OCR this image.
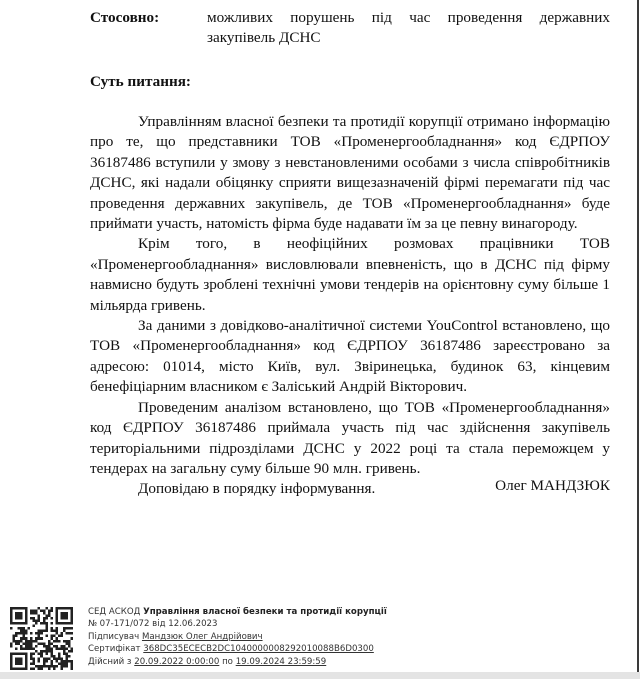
Стосовно:	можливих порушень під час проведення державних
закупівель ДСНС
Суть питання:

Управлінням власної безпеки та протидії корупції отримано інформацію про те, що представники ТОВ «Променергообладнання» код ЄДРПОУ 36187486 вступили у змову з невстановленими особами з числа співробітників ДСНС, які надали обіцянку сприяти вищезазначеній фірмі перемагати під час проведення державних закупівель, де ТОВ «Променергообладнання» буде приймати участь, натомість фірма буде надавати їм за це певну винагороду.

Крім того, в неофіційних розмовах працівники ТОВ «Променергообладнання» висловлювали впевненість, що в ДСНС під фірму навмисно будуть зроблені технічні умови тендерів на орієнтовну суму більше 1 мільярда гривень.

За даними з довідково-аналітичної системи YouControl встановлено, що ТОВ «Променергообладнання» код ЄДРПОУ 36187486 зареєстровано за адресою: 01014, місто Київ, вул. Звіринецька, будинок 63, кінцевим бенефіціарним власником є Заліський Андрій Вікторович.

Проведеним аналізом встановлено, що ТОВ «Променергообладнання» код ЄДРПОУ 36187486 приймала участь під час здійснення закупівель територіальними підрозділами ДСНС у 2022 році та стала переможцем у тендерах на загальну суму більше 90 млн. гривень.

Доповідаю в порядку інформування.	Олег МАНДЗЮК
СЕД АСКОД Управління власної безпеки та протидії корупції
№ 07-171/072 від 12.06.2023
Підписувач Мандзюк Олег Андрійович
Сертифікат 368DC35ECECB2DC1040000008292010088B6D0300
Дійсний з 20.09.2022 0:00:00 по 19.09.2024 23:59:59
